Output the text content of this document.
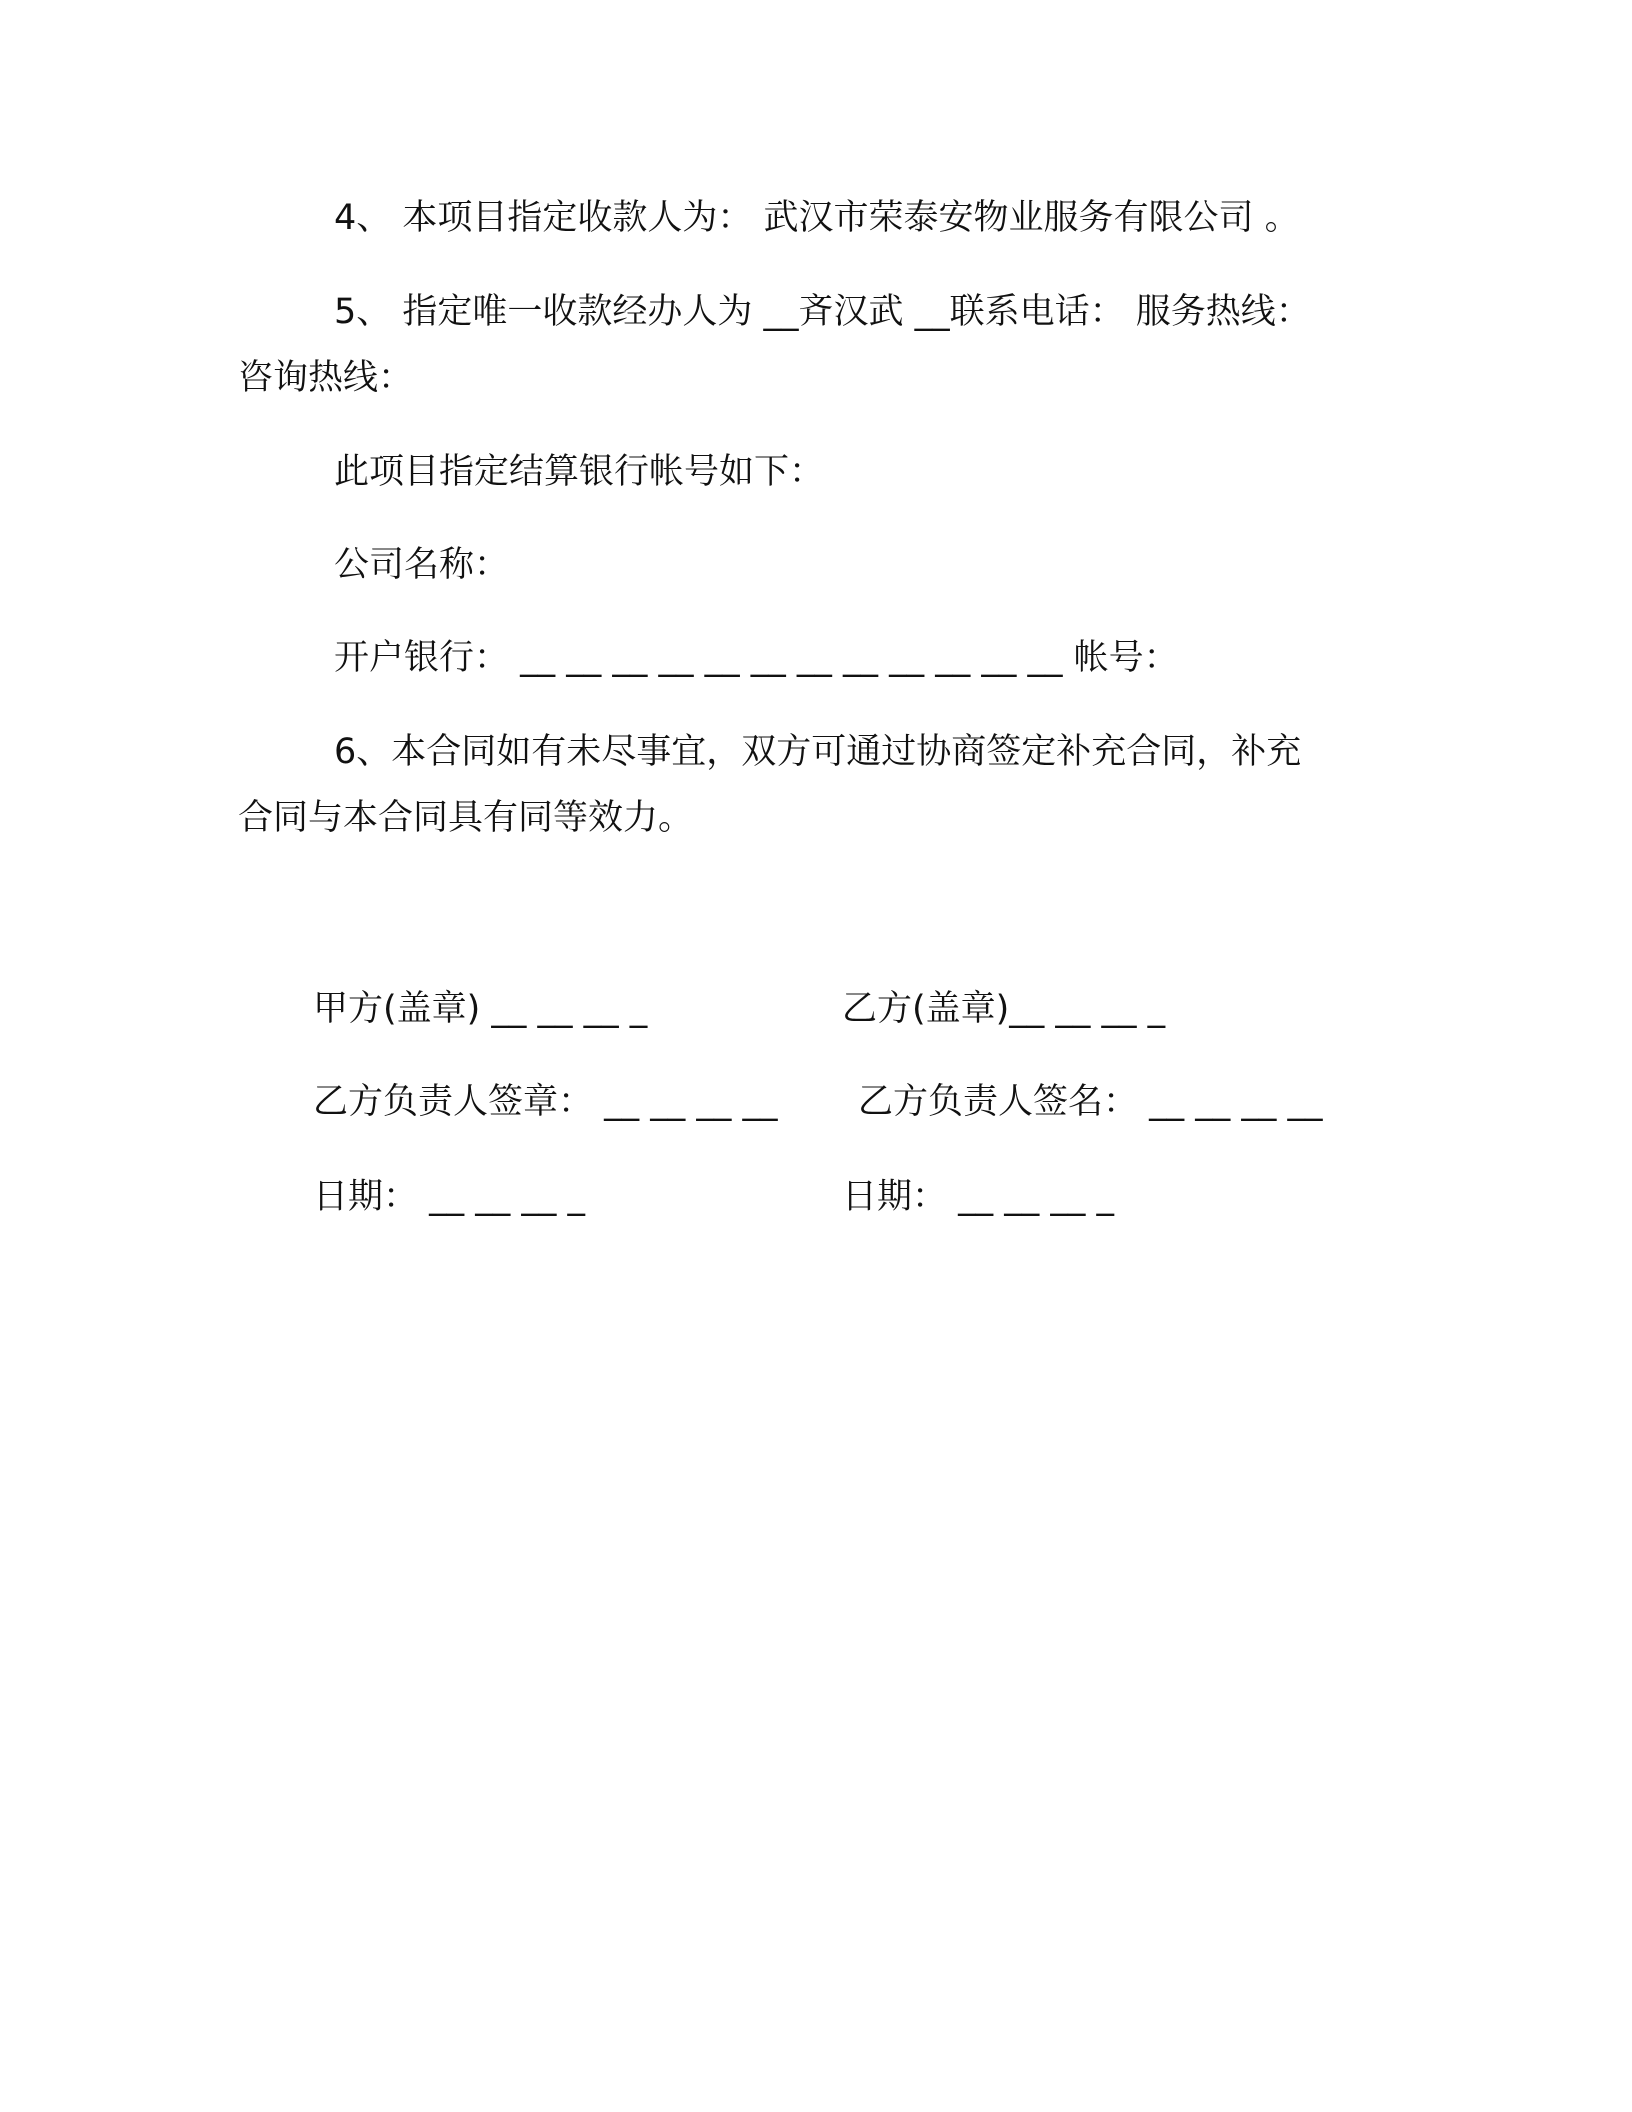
4、 本项目指定收款人为： 武汉市荣泰安物业服务有限公司 。
5、 指定唯一收款经办人为 __斉汉武 __联系电话： 服务热线：
咨询热线：
此项目指定结算银行帐号如下：
公司名称：
开户银行： __ __ __ __ __ __ __ __ __ __ __ __ 帐号：
6、本合同如有未尽事宜，双方可通过协商签定补充合同，补充
合同与本合同具有同等效力。
甲方(盖章) __ __ __ _	乙方(盖章)__ __ __ _
乙方负责人签章： __ __ __ __ 乙方负责人签名： __ __ __ __
日期： __ __ __ _	日期： __ __ __ _
